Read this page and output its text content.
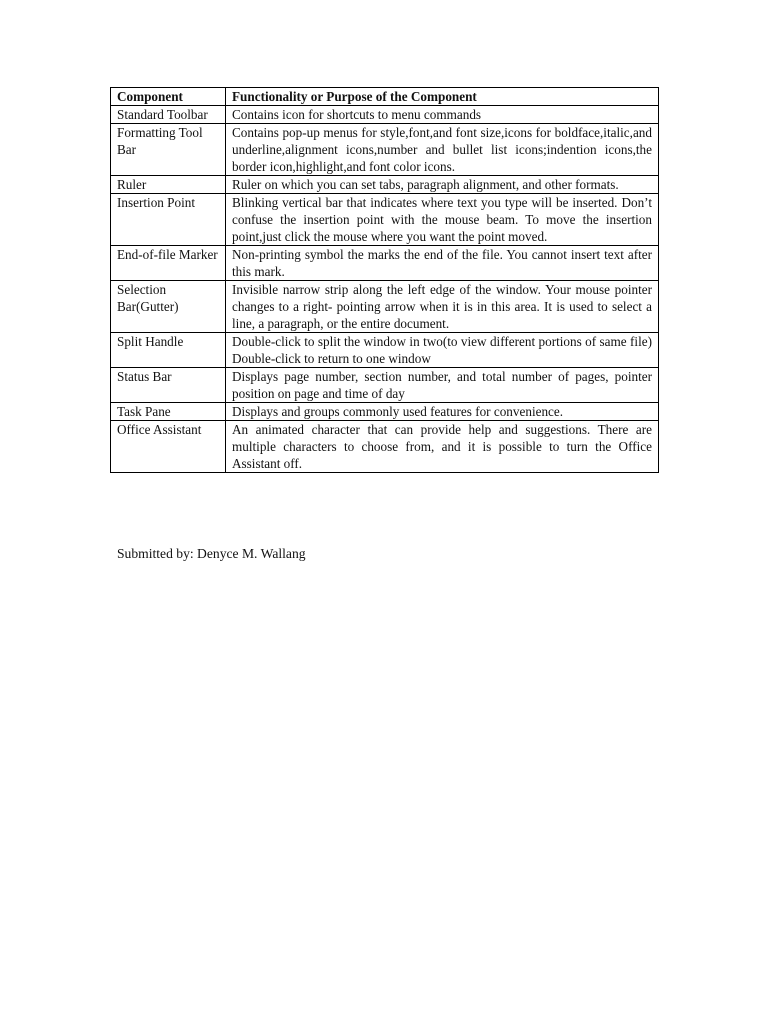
Component	Functionality or Purpose of the Component
Standard Toolbar	Contains icon for shortcuts to menu commands
Formatting Tool Bar	Contains pop-up menus for style,font,and font size,icons for boldface,italic,and underline,alignment icons,number and bullet list icons;indention icons,the border icon,highlight,and font color icons.
Ruler	Ruler on which you can set tabs, paragraph alignment, and other formats.
Insertion Point	Blinking vertical bar that indicates where text you type will be inserted. Don’t confuse the insertion point with the mouse beam. To move the insertion point,just click the mouse where you want the point moved.
End-of-file Marker	Non-printing symbol the marks the end of the file. You cannot insert text after this mark.
Selection Bar(Gutter)	Invisible narrow strip along the left edge of the window. Your mouse pointer changes to a right- pointing arrow when it is in this area. It is used to select a line, a paragraph, or the entire document.
Split Handle	Double-click to split the window in two(to view different portions of same file) Double-click to return to one window
Status Bar	Displays page number, section number, and total number of pages, pointer position on page and time of day
Task Pane	Displays and groups commonly used features for convenience.
Office Assistant	An animated character that can provide help and suggestions. There are multiple characters to choose from, and it is possible to turn the Office Assistant off.
Submitted by: Denyce M. Wallang
